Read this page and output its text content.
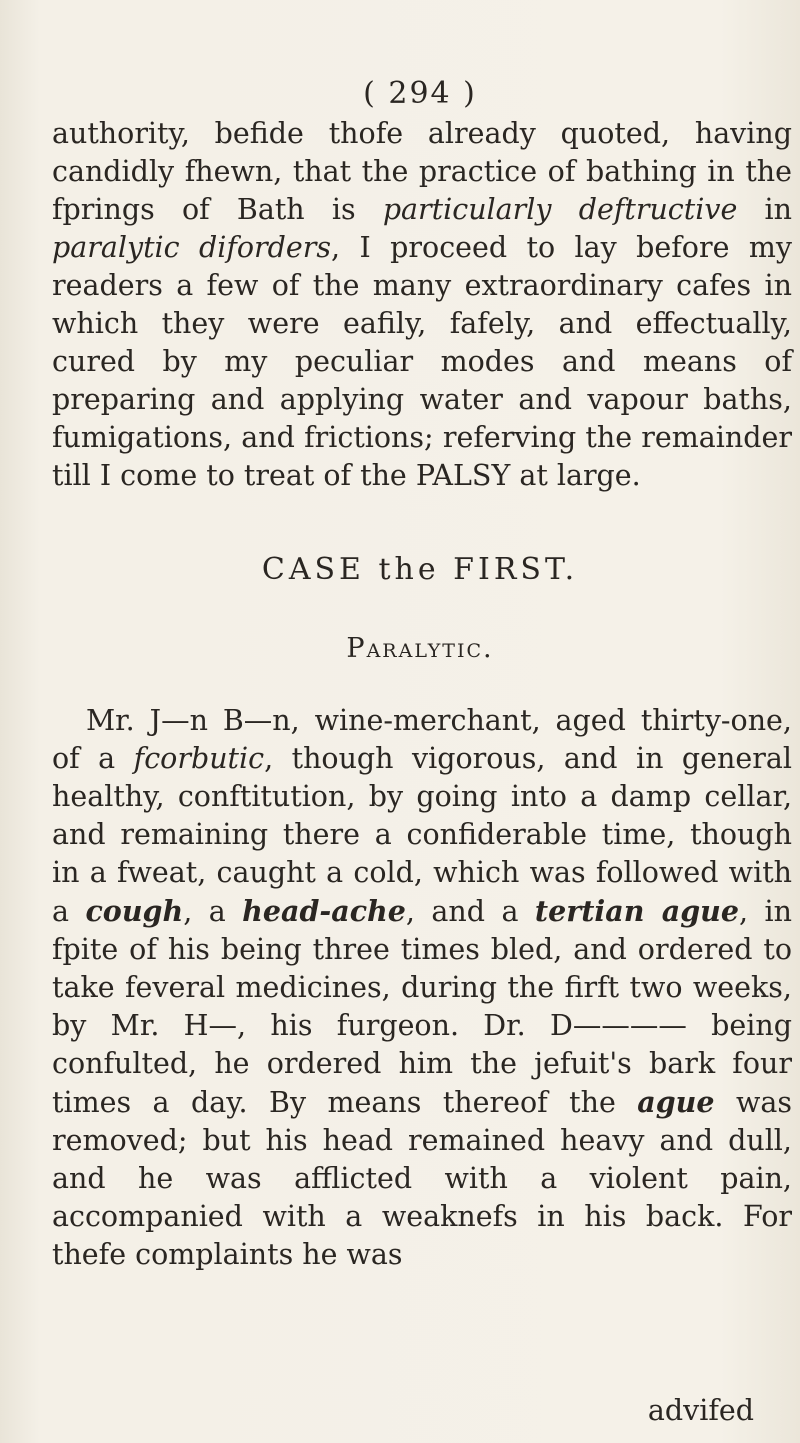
( 294 )
authority, befide thofe already quoted, having candidly fhewn, that the practice of bathing in the fprings of Bath is particularly deftructive in paralytic diforders, I proceed to lay before my readers a few of the many extraordinary cafes in which they were eafily, fafely, and effectually, cured by my peculiar modes and means of preparing and applying water and vapour baths, fumigations, and frictions; referving the remainder till I come to treat of the PALSY at large.
CASE the FIRST.
Paralytic.
Mr. J—n B—n, wine-merchant, aged thirty-one, of a fcorbutic, though vigorous, and in general healthy, conftitution, by going into a damp cellar, and remaining there a confiderable time, though in a fweat, caught a cold, which was followed with a cough, a head-ache, and a tertian ague, in fpite of his being three times bled, and ordered to take feveral medicines, during the firft two weeks, by Mr. H—, his furgeon. Dr. D———— being confulted, he ordered him the jefuit's bark four times a day. By means thereof the ague was removed; but his head remained heavy and dull, and he was afflicted with a violent pain, accompanied with a weaknefs in his back. For thefe complaints he was
advifed
